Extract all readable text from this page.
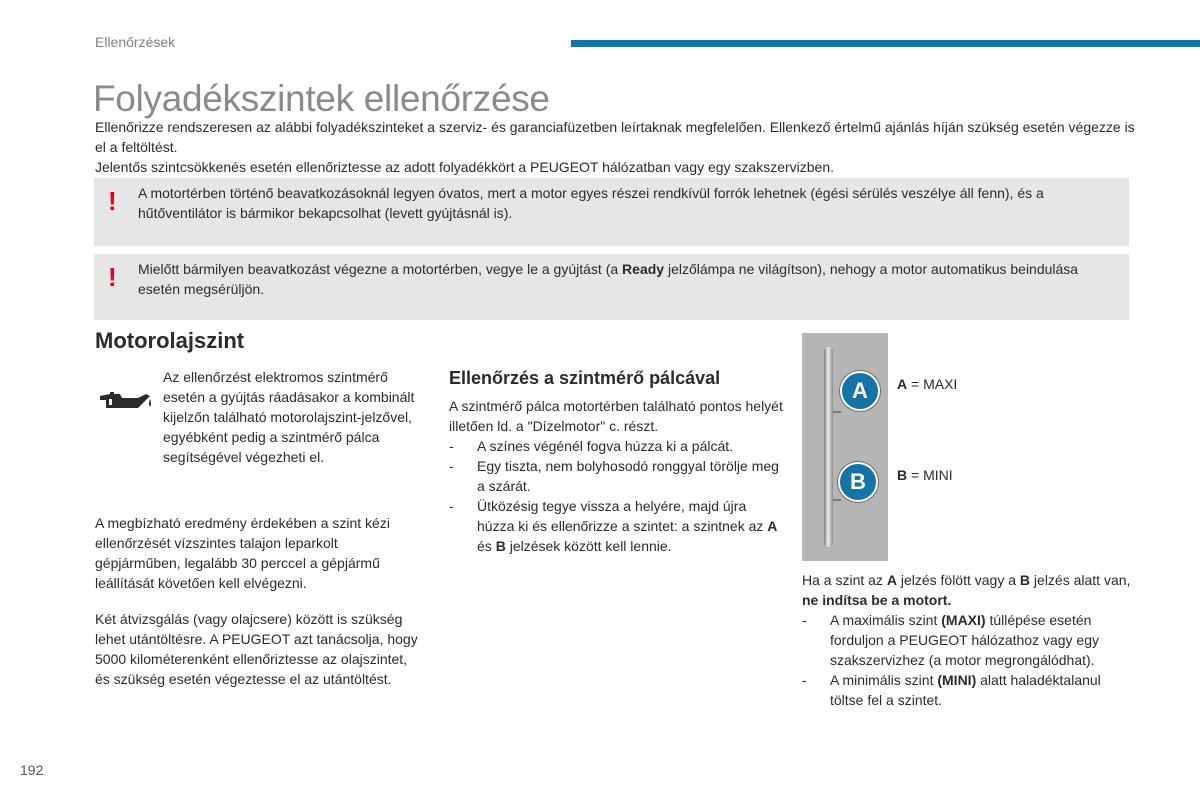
Ellenőrzések
Folyadékszintek ellenőrzése
Ellenőrizze rendszeresen az alábbi folyadékszinteket a szerviz- és garanciafüzetben leírtaknak megfelelően. Ellenkező értelmű ajánlás híján szükség esetén végezze is el a feltöltést.
Jelentős szintcsökkenés esetén ellenőriztesse az adott folyadékkört a PEUGEOT hálózatban vagy egy szakszervizben.
! A motortérben történő beavatkozásoknál legyen óvatos, mert a motor egyes részei rendkívül forrók lehetnek (égési sérülés veszélye áll fenn), és a hűtőventilátor is bármikor bekapcsolhat (levett gyújtásnál is).
! Mielőtt bármilyen beavatkozást végezne a motortérben, vegye le a gyújtást (a Ready jelzőlámpa ne világítson), nehogy a motor automatikus beindulása esetén megsérüljön.
Motorolajszint
Az ellenőrzést elektromos szintmérő esetén a gyújtás ráadásakor a kombinált kijelzőn található motorolajszint-jelzővel, egyébként pedig a szintmérő pálca segítségével végezheti el.
A megbízható eredmény érdekében a szint kézi ellenőrzését vízszintes talajon leparkolt gépjárműben, legalább 30 perccel a gépjármű leállítását követően kell elvégezni.
Két átvizsgálás (vagy olajcsere) között is szükség lehet utántöltésre. A PEUGEOT azt tanácsolja, hogy 5000 kilométerenként ellenőriztesse az olajszintet, és szükség esetén végeztesse el az utántöltést.
Ellenőrzés a szintmérő pálcával
A szintmérő pálca motortérben található pontos helyét illetően ld. a "Dízelmotor" c. részt.
- A színes végénél fogva húzza ki a pálcát.
- Egy tiszta, nem bolyhosodó ronggyal törölje meg a szárát.
- Ütközésig tegye vissza a helyére, majd újra húzza ki és ellenőrizze a szintet: a szintnek az A és B jelzések között kell lennie.
A
B
A = MAXI
B = MINI
Ha a szint az A jelzés fölött vagy a B jelzés alatt van, ne indítsa be a motort.
- A maximális szint (MAXI) túllépése esetén forduljon a PEUGEOT hálózathoz vagy egy szakszervizhez (a motor megrongálódhat).
- A minimális szint (MINI) alatt haladéktalanul töltse fel a szintet.
192
